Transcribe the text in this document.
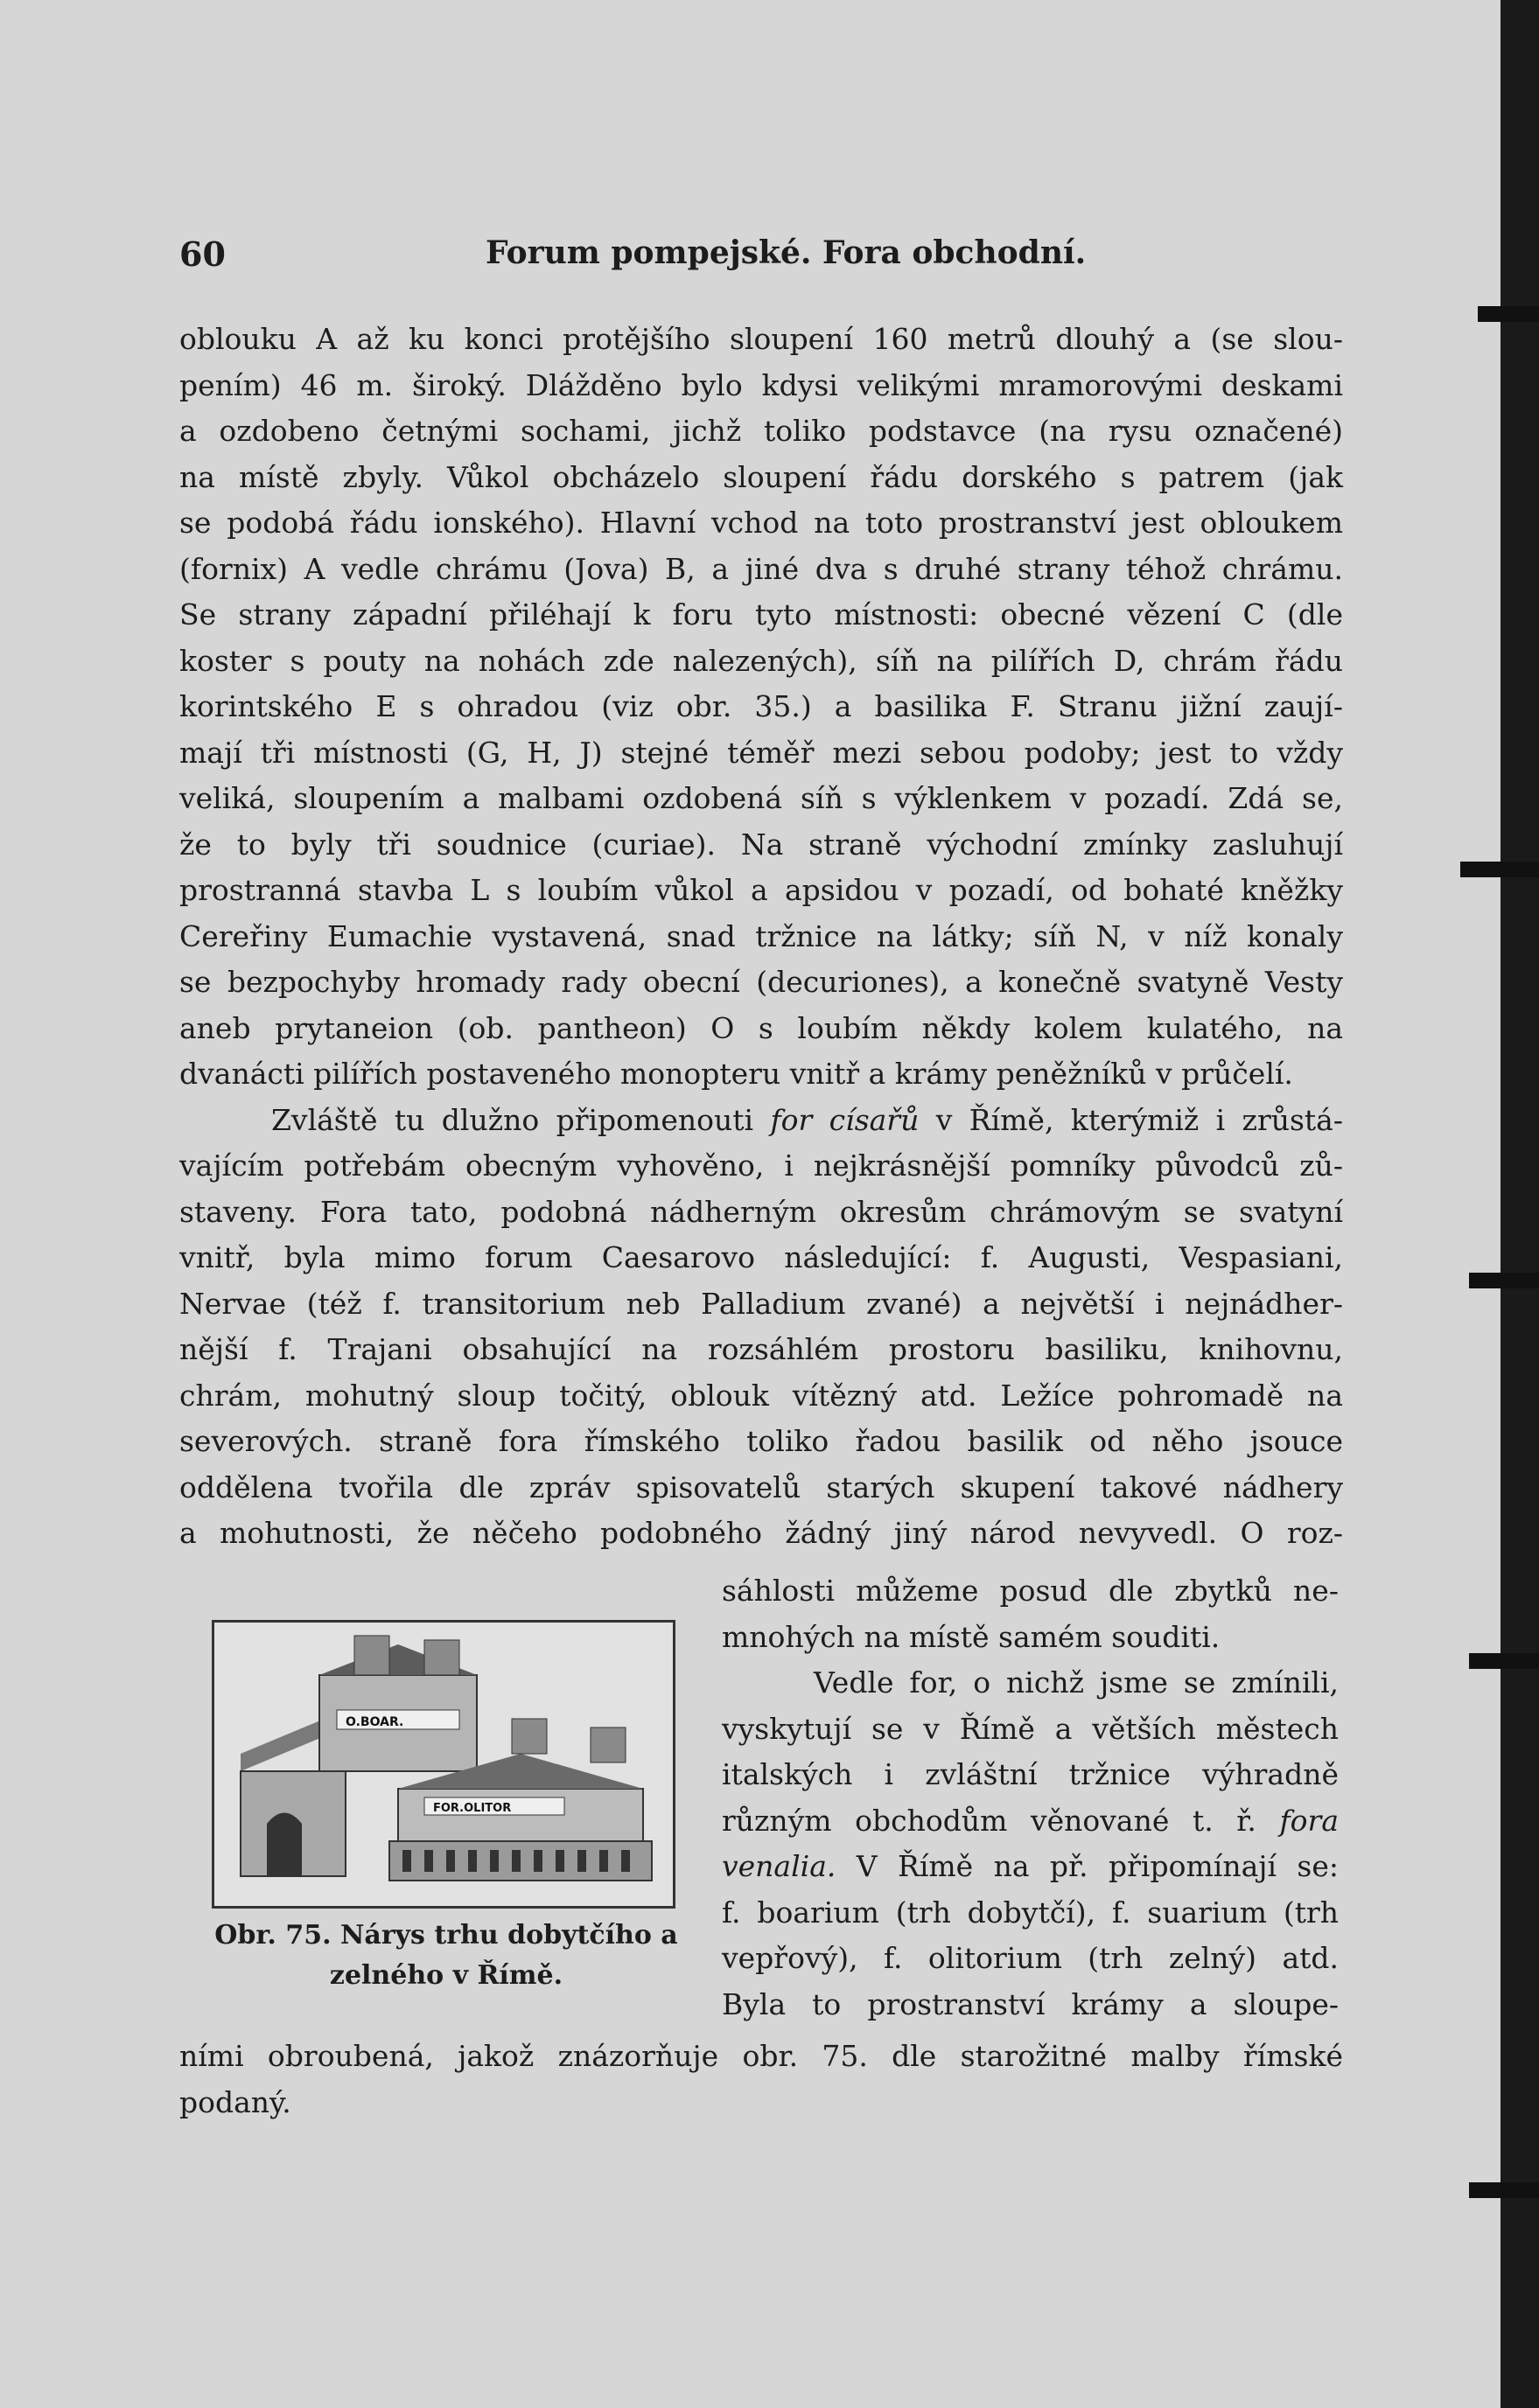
60	Forum pompejské. Fora obchodní.
oblouku A až ku konci protějšího sloupení 160 metrů dlouhý a (se slou-
pením) 46 m. široký. Dlážděno bylo kdysi velikými mramorovými deskami
a ozdobeno četnými sochami, jichž toliko podstavce (na rysu označené)
na místě zbyly. Vůkol obcházelo sloupení řádu dorského s patrem (jak
se podobá řádu ionského). Hlavní vchod na toto prostranství jest obloukem
(fornix) A vedle chrámu (Jova) B, a jiné dva s druhé strany téhož chrámu.
Se strany západní přiléhají k foru tyto místnosti: obecné vězení C (dle
koster s pouty na nohách zde nalezených), síň na pilířích D, chrám řádu
korintského E s ohradou (viz obr. 35.) a basilika F. Stranu jižní zaují-
mají tři místnosti (G, H, J) stejné téměř mezi sebou podoby; jest to vždy
veliká, sloupením a malbami ozdobená síň s výklenkem v pozadí. Zdá se,
že to byly tři soudnice (curiae). Na straně východní zmínky zasluhují
prostranná stavba L s loubím vůkol a apsidou v pozadí, od bohaté kněžky
Cereřiny Eumachie vystavená, snad tržnice na látky; síň N, v níž konaly
se bezpochyby hromady rady obecní (decuriones), a konečně svatyně Vesty
aneb prytaneion (ob. pantheon) O s loubím někdy kolem kulatého, na
dvanácti pilířích postaveného monopteru vnitř a krámy peněžníků v průčelí.
Zvláště tu dlužno připomenouti for císařů v Římě, kterýmiž i zrůstá-
vajícím potřebám obecným vyhověno, i nejkrásnější pomníky původců zů-
staveny. Fora tato, podobná nádherným okresům chrámovým se svatyní
vnitř, byla mimo forum Caesarovo následující: f. Augusti, Vespasiani,
Nervae (též f. transitorium neb Palladium zvané) a největší i nejnádher-
nější f. Trajani obsahující na rozsáhlém prostoru basiliku, knihovnu,
chrám, mohutný sloup točitý, oblouk vítězný atd. Ležíce pohromadě na
severových. straně fora římského toliko řadou basilik od něho jsouce
oddělena tvořila dle zpráv spisovatelů starých skupení takové nádhery
a mohutnosti, že něčeho podobného žádný jiný národ nevyvedl. O roz-
sáhlosti můžeme posud dle zbytků ne-
mnohých na místě samém souditi.
Vedle for, o nichž jsme se zmínili,
vyskytují se v Římě a větších městech
italských i zvláštní tržnice výhradně
různým obchodům věnované t. ř. fora
venalia. V Římě na př. připomínají se:
f. boarium (trh dobytčí), f. suarium (trh
vepřový), f. olitorium (trh zelný) atd.
Byla to prostranství krámy a sloupe-
O.BOAR.
FOR.OLITOR
Obr. 75. Nárys trhu dobytčího a
zelného v Římě.
ními obroubená, jakož znázorňuje obr. 75. dle starožitné malby římské
podaný.
